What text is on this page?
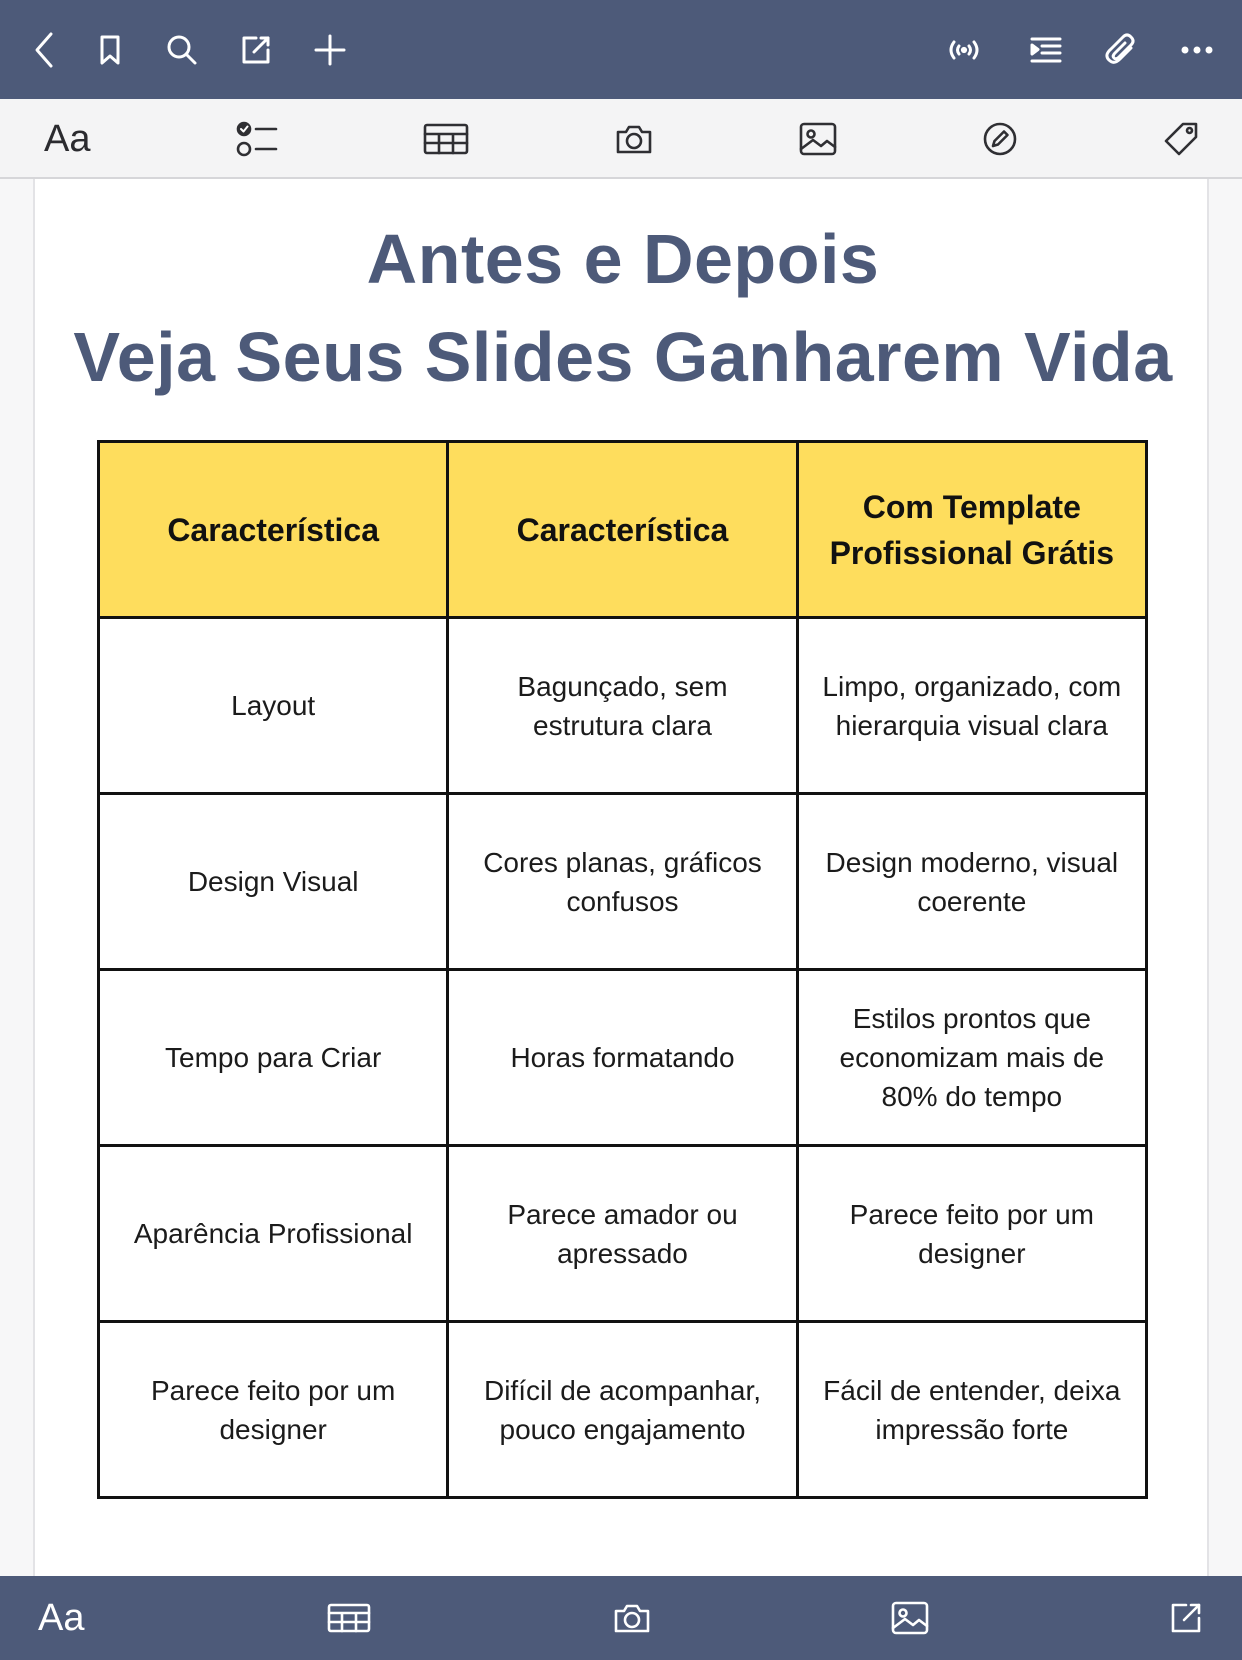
Aa
Antes e Depois
Veja Seus Slides Ganharem Vida
Característica	Característica	Com Template Profissional Grátis
Layout	Bagunçado, sem estrutura clara	Limpo, organizado, com hierarquia visual clara
Design Visual	Cores planas, gráficos confusos	Design moderno, visual coerente
Tempo para Criar	Horas formatando	Estilos prontos que economizam mais de 80% do tempo
Aparência Profissional	Parece amador ou apressado	Parece feito por um designer
Parece feito por um designer	Difícil de acompanhar, pouco engajamento	Fácil de entender, deixa impressão forte
Aa
